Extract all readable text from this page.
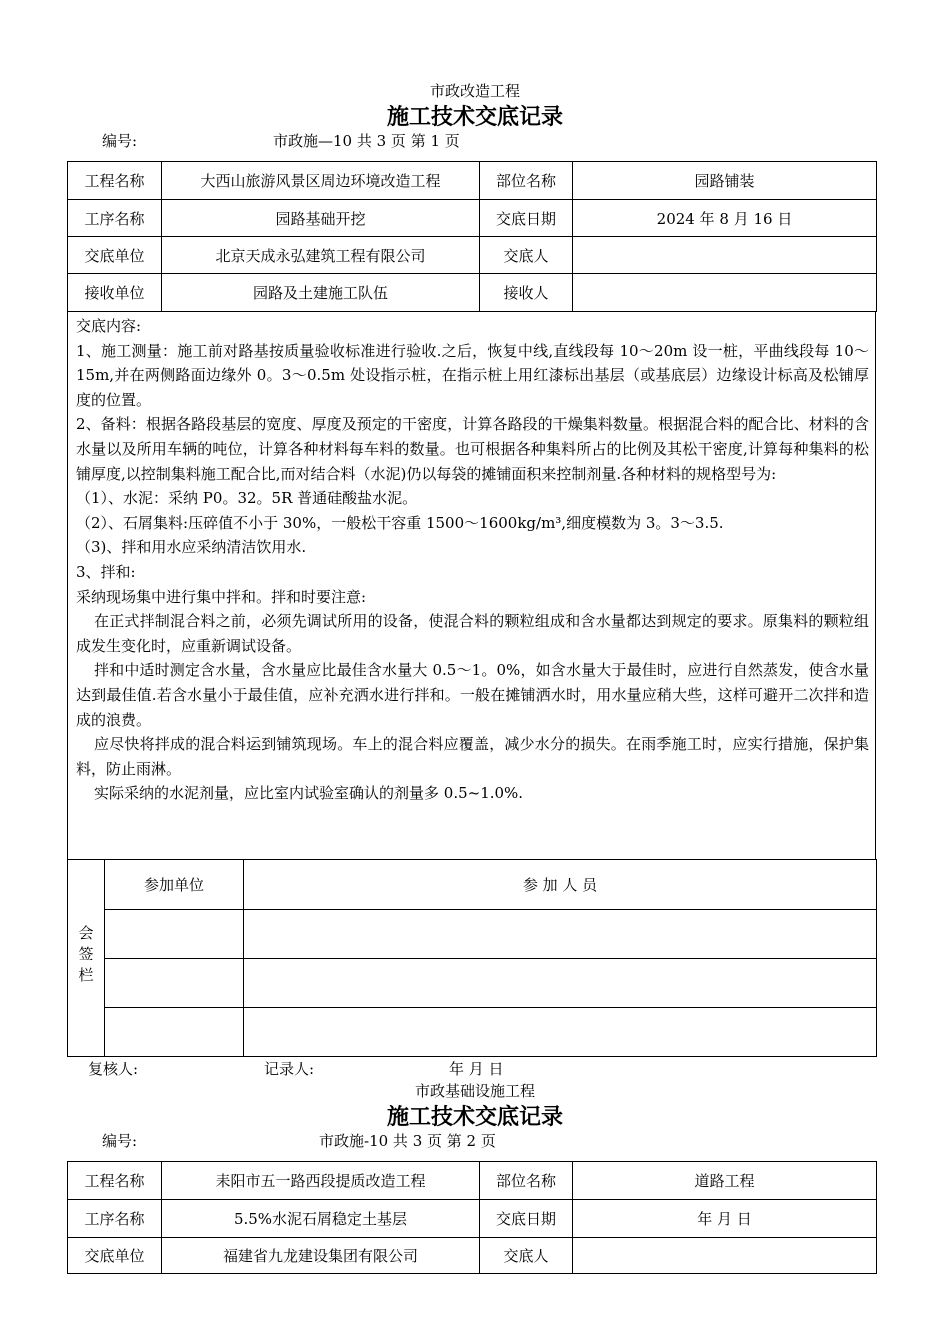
市政改造工程
施工技术交底记录
编号:	市政施—10 共 3 页 第 1 页
工程名称	大西山旅游风景区周边环境改造工程	部位名称	园路铺装
工序名称	园路基础开挖	交底日期	2024 年 8 月 16 日
交底单位	北京天成永弘建筑工程有限公司	交底人	
接收单位	园路及土建施工队伍	接收人	

交底内容:

1、施工测量：施工前对路基按质量验收标准进行验收.之后，恢复中线,直线段每 10～20m 设一桩，平曲线段每 10～15m,并在两侧路面边缘外 0。3～0.5m 处设指示桩，在指示桩上用红漆标出基层（或基底层）边缘设计标高及松铺厚度的位置。

2、备料：根据各路段基层的宽度、厚度及预定的干密度，计算各路段的干燥集料数量。根据混合料的配合比、材料的含水量以及所用车辆的吨位，计算各种材料每车料的数量。也可根据各种集料所占的比例及其松干密度,计算每种集料的松铺厚度,以控制集料施工配合比,而对结合料（水泥)仍以每袋的摊铺面积来控制剂量.各种材料的规格型号为:

（1）、水泥：采纳 P0。32。5R 普通硅酸盐水泥。

（2）、石屑集料:压碎值不小于 30%，一般松干容重 1500～1600kg/m³,细度模数为 3。3～3.5.

（3)、拌和用水应采纳清洁饮用水.

3、拌和:

采纳现场集中进行集中拌和。拌和时要注意:

在正式拌制混合料之前，必须先调试所用的设备，使混合料的颗粒组成和含水量都达到规定的要求。原集料的颗粒组成发生变化时，应重新调试设备。

拌和中适时测定含水量，含水量应比最佳含水量大 0.5～1。0%，如含水量大于最佳时，应进行自然蒸发，使含水量达到最佳值.若含水量小于最佳值，应补充洒水进行拌和。一般在摊铺洒水时，用水量应稍大些，这样可避开二次拌和造成的浪费。

应尽快将拌成的混合料运到铺筑现场。车上的混合料应覆盖，减少水分的损失。在雨季施工时，应实行措施，保护集料，防止雨淋。

实际采纳的水泥剂量，应比室内试验室确认的剂量多 0.5~1.0%.

会签栏	参加单位	参 加 人 员

复核人:	记录人:	年 月 日
市政基础设施工程
施工技术交底记录
编号:	市政施-10 共 3 页 第 2 页
工程名称	耒阳市五一路西段提质改造工程	部位名称	道路工程
工序名称	5.5%水泥石屑稳定土基层	交底日期	年 月 日
交底单位	福建省九龙建设集团有限公司	交底人	
